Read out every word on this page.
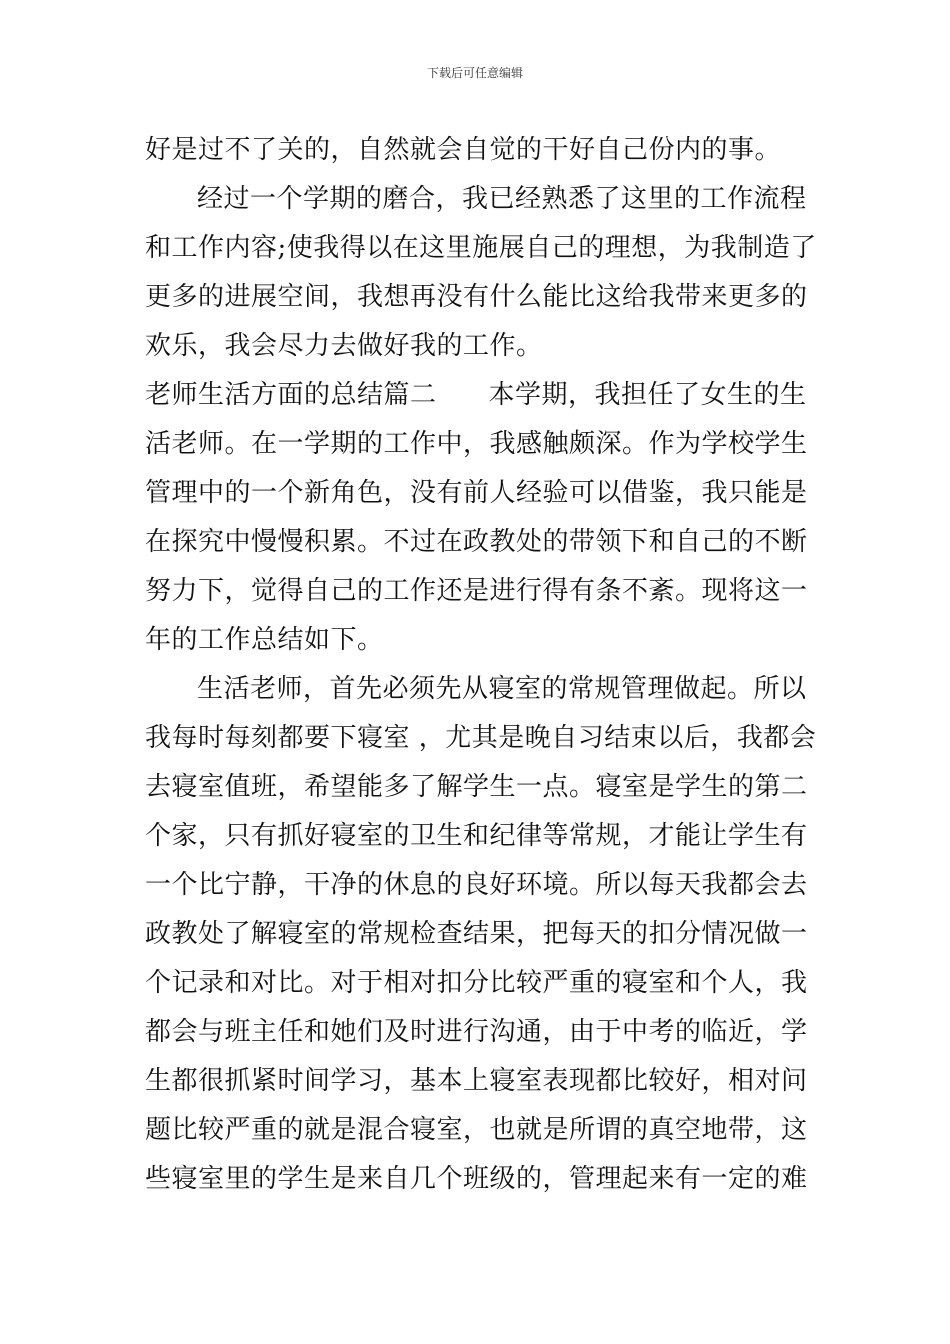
下载后可任意编辑
好是过不了关的，自然就会自觉的干好自己份内的事。
经过一个学期的磨合，我已经熟悉了这里的工作流程
和工作内容;使我得以在这里施展自己的理想，为我制造了
更多的进展空间，我想再没有什么能比这给我带来更多的
欢乐，我会尽力去做好我的工作。
老师生活方面的总结篇二 本学期，我担任了女生的生
活老师。在一学期的工作中，我感触颇深。作为学校学生
管理中的一个新角色，没有前人经验可以借鉴，我只能是
在探究中慢慢积累。不过在政教处的带领下和自己的不断
努力下，觉得自己的工作还是进行得有条不紊。现将这一
年的工作总结如下。
生活老师，首先必须先从寝室的常规管理做起。所以
我每时每刻都要下寝室 ，尤其是晚自习结束以后，我都会
去寝室值班，希望能多了解学生一点。寝室是学生的第二
个家，只有抓好寝室的卫生和纪律等常规，才能让学生有
一个比宁静，干净的休息的良好环境。所以每天我都会去
政教处了解寝室的常规检查结果，把每天的扣分情况做一
个记录和对比。对于相对扣分比较严重的寝室和个人，我
都会与班主任和她们及时进行沟通，由于中考的临近，学
生都很抓紧时间学习，基本上寝室表现都比较好，相对问
题比较严重的就是混合寝室，也就是所谓的真空地带，这
些寝室里的学生是来自几个班级的，管理起来有一定的难
